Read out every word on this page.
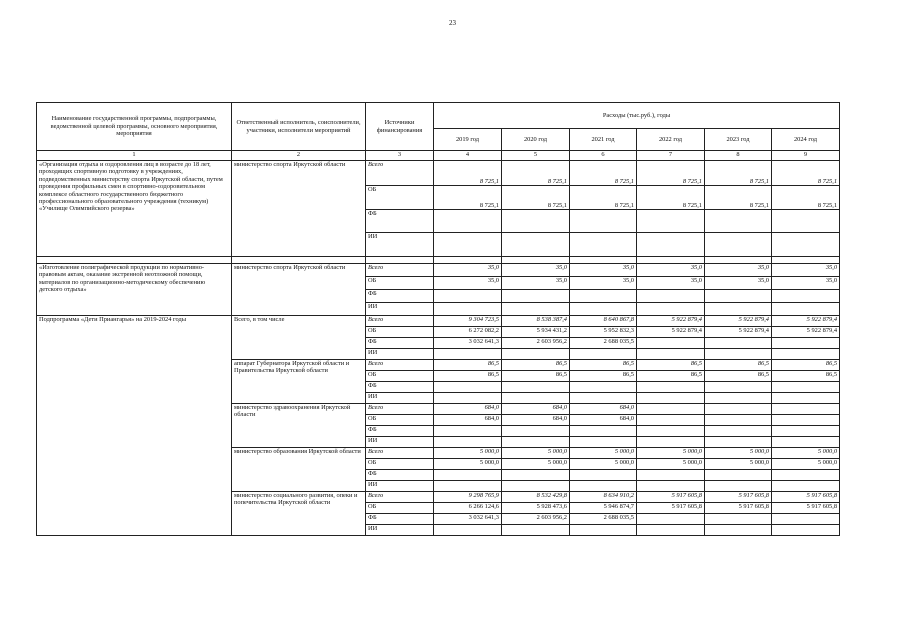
23
Наименование государственной программы, подпрограммы, ведомственной целевой программы, основного мероприятия, мероприятия	Ответственный исполнитель, соисполнители, участники, исполнители мероприятий	Источники финансирования	Расходы (тыс.руб.), годы					
			2019 год	2020 год	2021 год	2022 год	2023 год	2024 год
1	2	3	4	5	6	7	8	9
«Организация отдыха и оздоровления лиц в возрасте до 18 лет, проходящих спортивную подготовку в учреждениях, подведомственных министерству спорта Иркутской области, путем проведения профильных смен в спортивно-оздоровительном комплексе областного государственного бюджетного профессионального образовательного учреждения (техникум) «Училище Олимпийского резерва»	министерство спорта Иркутской области	Всего	8 725,1	8 725,1	8 725,1	8 725,1	8 725,1	8 725,1
		ОБ	8 725,1	8 725,1	8 725,1	8 725,1	8 725,1	8 725,1
		ФБ						
		ИИ						

«Изготовление полиграфической продукции по нормативно-правовым актам, оказание экстренной неотложной помощи, материалов по организационно-методическому обеспечению детского отдыха»	министерство спорта Иркутской области	Всего	35,0	35,0	35,0	35,0	35,0	35,0
		ОБ	35,0	35,0	35,0	35,0	35,0	35,0
		ФБ						
		ИИ						
Подпрограмма «Дети Приангарья» на 2019-2024 годы	Всего, в том числе	Всего	9 304 723,5	8 538 387,4	8 640 867,8	5 922 879,4	5 922 879,4	5 922 879,4
		ОБ	6 272 082,2	5 934 431,2	5 952 832,3	5 922 879,4	5 922 879,4	5 922 879,4
		ФБ	3 032 641,3	2 603 956,2	2 688 035,5			
		ИИ						
	аппарат Губернатора Иркутской области и Правительства Иркутской области	Всего	86,5	86,5	86,5	86,5	86,5	86,5
		ОБ	86,5	86,5	86,5	86,5	86,5	86,5
		ФБ						
		ИИ						
	министерство здравоохранения Иркутской области	Всего	684,0	684,0	684,0			
		ОБ	684,0	684,0	684,0			
		ФБ						
		ИИ						
	министерство образования Иркутской области	Всего	5 000,0	5 000,0	5 000,0	5 000,0	5 000,0	5 000,0
		ОБ	5 000,0	5 000,0	5 000,0	5 000,0	5 000,0	5 000,0
		ФБ						
		ИИ						
	министерство социального развития, опеки и попечительства Иркутской области	Всего	9 298 765,9	8 532 429,8	8 634 910,2	5 917 605,8	5 917 605,8	5 917 605,8
		ОБ	6 266 124,6	5 928 473,6	5 946 874,7	5 917 605,8	5 917 605,8	5 917 605,8
		ФБ	3 032 641,3	2 603 956,2	2 688 035,5			
		ИИ						
